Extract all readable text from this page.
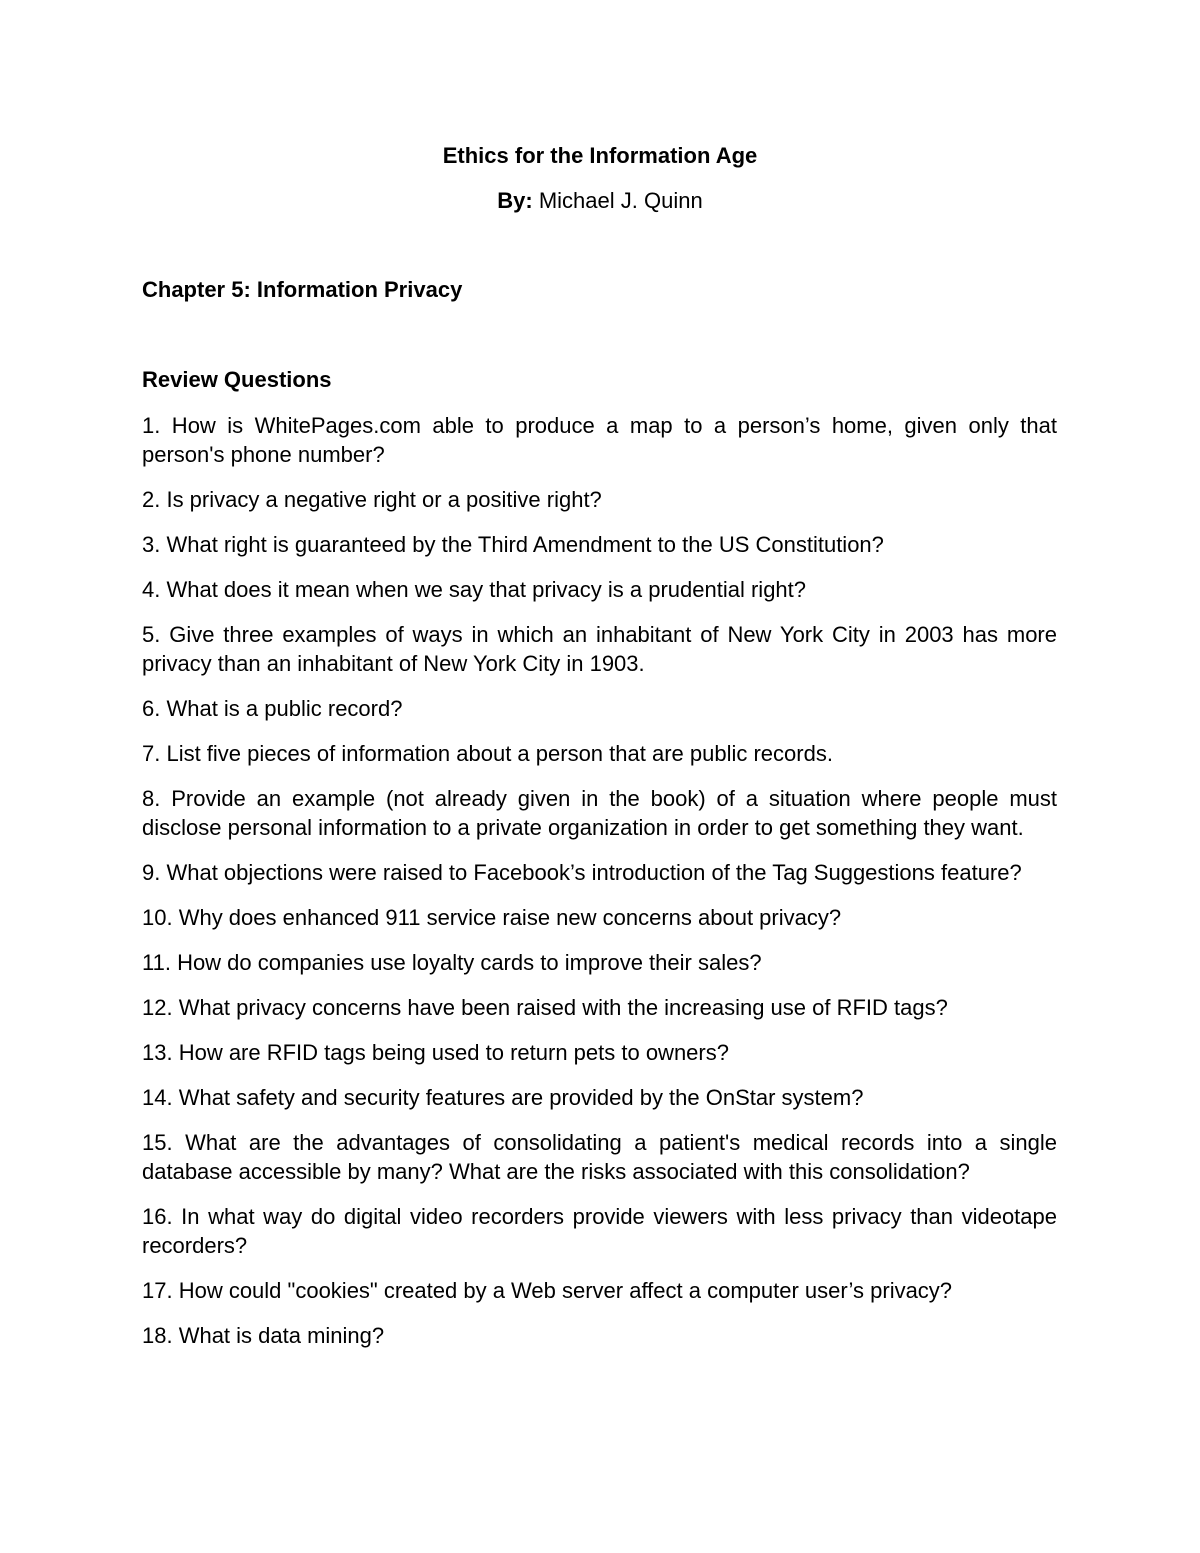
Ethics for the Information Age

By: Michael J. Quinn

Chapter 5: Information Privacy
Review Questions
1. How is WhitePages.com able to produce a map to a person’s home, given only that person's phone number?
2. Is privacy a negative right or a positive right?
3. What right is guaranteed by the Third Amendment to the US Constitution?
4. What does it mean when we say that privacy is a prudential right?
5. Give three examples of ways in which an inhabitant of New York City in 2003 has more privacy than an inhabitant of New York City in 1903.
6. What is a public record?
7. List five pieces of information about a person that are public records.
8. Provide an example (not already given in the book) of a situation where people must disclose personal information to a private organization in order to get something they want.
9. What objections were raised to Facebook’s introduction of the Tag Suggestions feature?
10. Why does enhanced 911 service raise new concerns about privacy?
11. How do companies use loyalty cards to improve their sales?
12. What privacy concerns have been raised with the increasing use of RFID tags?
13. How are RFID tags being used to return pets to owners?
14. What safety and security features are provided by the OnStar system?
15. What are the advantages of consolidating a patient's medical records into a single database accessible by many? What are the risks associated with this consolidation?
16. In what way do digital video recorders provide viewers with less privacy than videotape recorders?
17. How could "cookies" created by a Web server affect a computer user’s privacy?
18. What is data mining?
